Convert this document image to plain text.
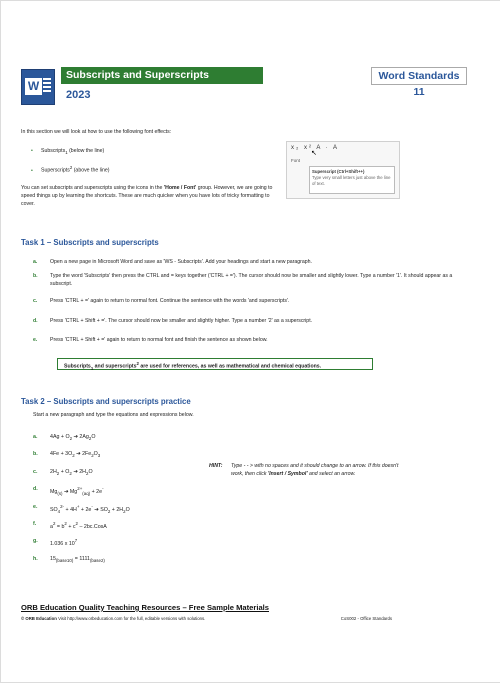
W
Subscripts and Superscripts
2023
Word Standards 11

In this section we will look at how to use the following font effects:

• Subscripts$_1$ (below the line)
• Superscripts$^2$ (above the line)
You can set subscripts and superscripts using the icons in the 'Home / Font' group. However, we are going to speed things up by learning the shortcuts. These are much quicker when you have lots of tricky formatting to cover.
x₂ x² A · A
↖
Font
Superscript (Ctrl+Shift++)
Type very small letters just above the line of text.
Task 1 – Subscripts and superscripts
a. Open a new page in Microsoft Word and save as 'WS - Subscripts'. Add your headings and start a new paragraph.
b. Type the word 'Subscripts' then press the CTRL and = keys together ('CTRL + ='). The cursor should now be smaller and slightly lower. Type a number '1'. It should appear as a subscript.
c. Press 'CTRL + =' again to return to normal font. Continue the sentence with the words 'and superscripts'.
d. Press 'CTRL + Shift + ='. The cursor should now be smaller and slightly higher. Type a number '2' as a superscript.
e. Press 'CTRL + Shift + =' again to return to normal font and finish the sentence as shown below.
Subscripts$_1$ and superscripts$^2$ are used for references, as well as mathematical and chemical equations.
Task 2 – Subscripts and superscripts practice
Start a new paragraph and type the equations and expressions below.
a. $4Ag + O_2$ ➔ $2Ag_2O$
b. $4Fe + 3O_2$ ➔ $2Fe_2O_3$
c. $2H_2 + O_2$ ➔ $2H_2O$
d. $Mg_{(s)}$ ➔ $Mg^{2+}_{(aq)} + 2e^-$
e. $SO_4^{2-} + 4H^+ + 2e^-$ ➔ $SO_2 + 2H_2O$
f.	$a^2 = b^2 + c^2$ – 2bc.CosA
g. 1.036 x $10^7$
h. $15_{(base10)} = 1111_{(base2)}$
HINT: Type - - > with no spaces and it should change to an arrow. If this doesn't work, then click 'Insert / Symbol' and select an arrow.
ORB Education Quality Teaching Resources – Free Sample Materials
© ORB Education Visit http://www.orbeducation.com for the full, editable versions with solutions.	CoS002 - Office Standards
